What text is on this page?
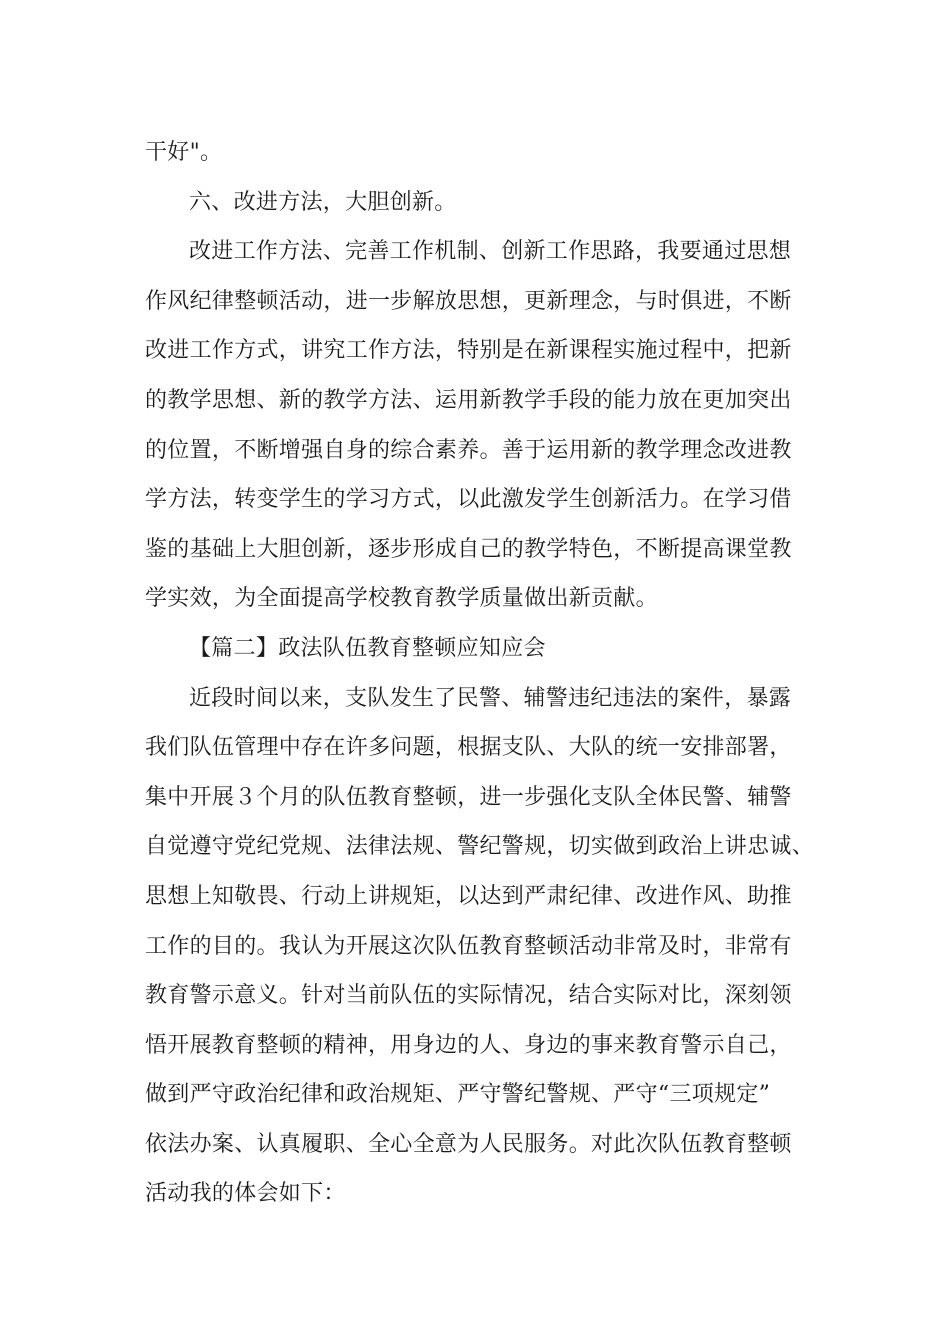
干好"。
六、改进方法，大胆创新。
改进工作方法、完善工作机制、创新工作思路，我要通过思想
作风纪律整顿活动，进一步解放思想，更新理念，与时俱进，不断
改进工作方式，讲究工作方法，特别是在新课程实施过程中，把新
的教学思想、新的教学方法、运用新教学手段的能力放在更加突出
的位置，不断增强自身的综合素养。善于运用新的教学理念改进教
学方法，转变学生的学习方式，以此激发学生创新活力。在学习借
鉴的基础上大胆创新，逐步形成自己的教学特色，不断提高课堂教
学实效，为全面提高学校教育教学质量做出新贡献。
【篇二】政法队伍教育整顿应知应会
近段时间以来，支队发生了民警、辅警违纪违法的案件，暴露
我们队伍管理中存在许多问题，根据支队、大队的统一安排部署，
集中开展３个月的队伍教育整顿，进一步强化支队全体民警、辅警
自觉遵守党纪党规、法律法规、警纪警规，切实做到政治上讲忠诚、
思想上知敬畏、行动上讲规矩，以达到严肃纪律、改进作风、助推
工作的目的。我认为开展这次队伍教育整顿活动非常及时，非常有
教育警示意义。针对当前队伍的实际情况，结合实际对比，深刻领
悟开展教育整顿的精神，用身边的人、身边的事来教育警示自己，
做到严守政治纪律和政治规矩、严守警纪警规、严守“三项规定”
依法办案、认真履职、全心全意为人民服务。对此次队伍教育整顿
活动我的体会如下：
